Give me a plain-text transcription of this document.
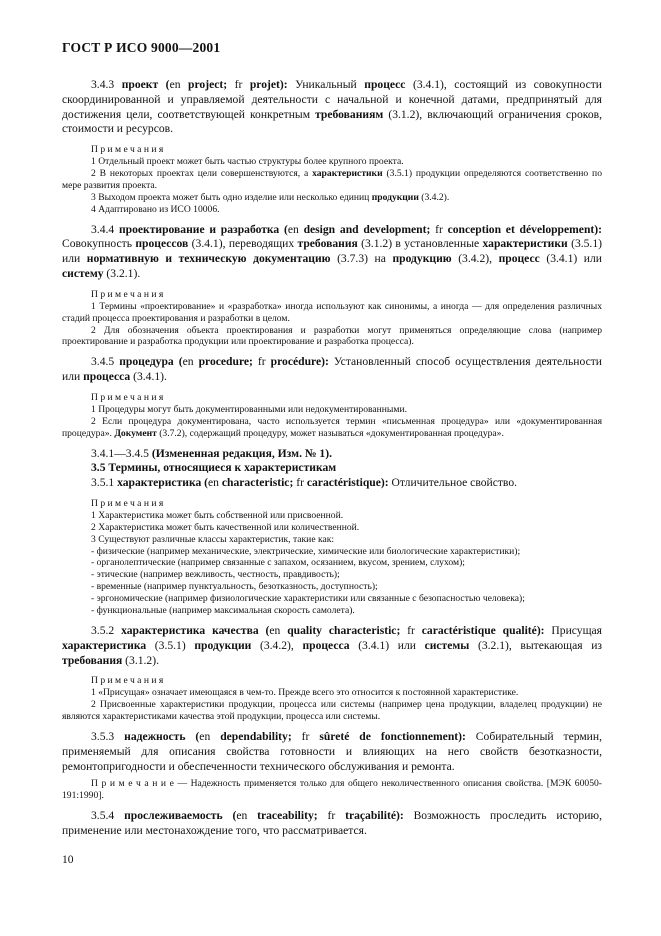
ГОСТ Р ИСО 9000—2001

3.4.3 проект (en project; fr projet): Уникальный процесс (3.4.1), состоящий из совокупности скоординированной и управляемой деятельности с начальной и конечной датами, предпринятый для достижения цели, соответствующей конкретным требованиям (3.1.2), включающий ограничения сроков, стоимости и ресурсов.

Примечания

1 Отдельный проект может быть частью структуры более крупного проекта.

2 В некоторых проектах цели совершенствуются, а характеристики (3.5.1) продукции определяются соответственно по мере развития проекта.

3 Выходом проекта может быть одно изделие или несколько единиц продукции (3.4.2).

4 Адаптировано из ИСО 10006.

3.4.4 проектирование и разработка (en design and development; fr conception et développement): Совокупность процессов (3.4.1), переводящих требования (3.1.2) в установленные характеристики (3.5.1) или нормативную и техническую документацию (3.7.3) на продукцию (3.4.2), процесс (3.4.1) или систему (3.2.1).

Примечания

1 Термины «проектирование» и «разработка» иногда используют как синонимы, а иногда — для определения различных стадий процесса проектирования и разработки в целом.

2 Для обозначения объекта проектирования и разработки могут применяться определяющие слова (например проектирование и разработка продукции или проектирование и разработка процесса).

3.4.5 процедура (en procedure; fr procédure): Установленный способ осуществления деятельности или процесса (3.4.1).

Примечания

1 Процедуры могут быть документированными или недокументированными.

2 Если процедура документирована, часто используется термин «письменная процедура» или «документированная процедура». Документ (3.7.2), содержащий процедуру, может называться «документированная процедура».

3.4.1—3.4.5 (Измененная редакция, Изм. № 1).

3.5 Термины, относящиеся к характеристикам

3.5.1 характеристика (en characteristic; fr caractéristique): Отличительное свойство.

Примечания

1 Характеристика может быть собственной или присвоенной.

2 Характеристика может быть качественной или количественной.

3 Существуют различные классы характеристик, такие как:

- физические (например механические, электрические, химические или биологические характеристики);

- органолептические (например связанные с запахом, осязанием, вкусом, зрением, слухом);

- этические (например вежливость, честность, правдивость);

- временные (например пунктуальность, безотказность, доступность);

- эргономические (например физиологические характеристики или связанные с безопасностью человека);

- функциональные (например максимальная скорость самолета).

3.5.2 характеристика качества (en quality characteristic; fr caractéristique qualité): Присущая характеристика (3.5.1) продукции (3.4.2), процесса (3.4.1) или системы (3.2.1), вытекающая из требования (3.1.2).

Примечания

1 «Присущая» означает имеющаяся в чем-то. Прежде всего это относится к постоянной характеристике.

2 Присвоенные характеристики продукции, процесса или системы (например цена продукции, владелец продукции) не являются характеристиками качества этой продукции, процесса или системы.

3.5.3 надежность (en dependability; fr sûreté de fonctionnement): Собирательный термин, применяемый для описания свойства готовности и влияющих на него свойств безотказности, ремонтопригодности и обеспеченности технического обслуживания и ремонта.

П р и м е ч а н и е — Надежность применяется только для общего неколичественного описания свойства. [МЭК 60050-191:1990].

3.5.4 прослеживаемость (en traceability; fr traçabilité): Возможность проследить историю, применение или местонахождение того, что рассматривается.

10
